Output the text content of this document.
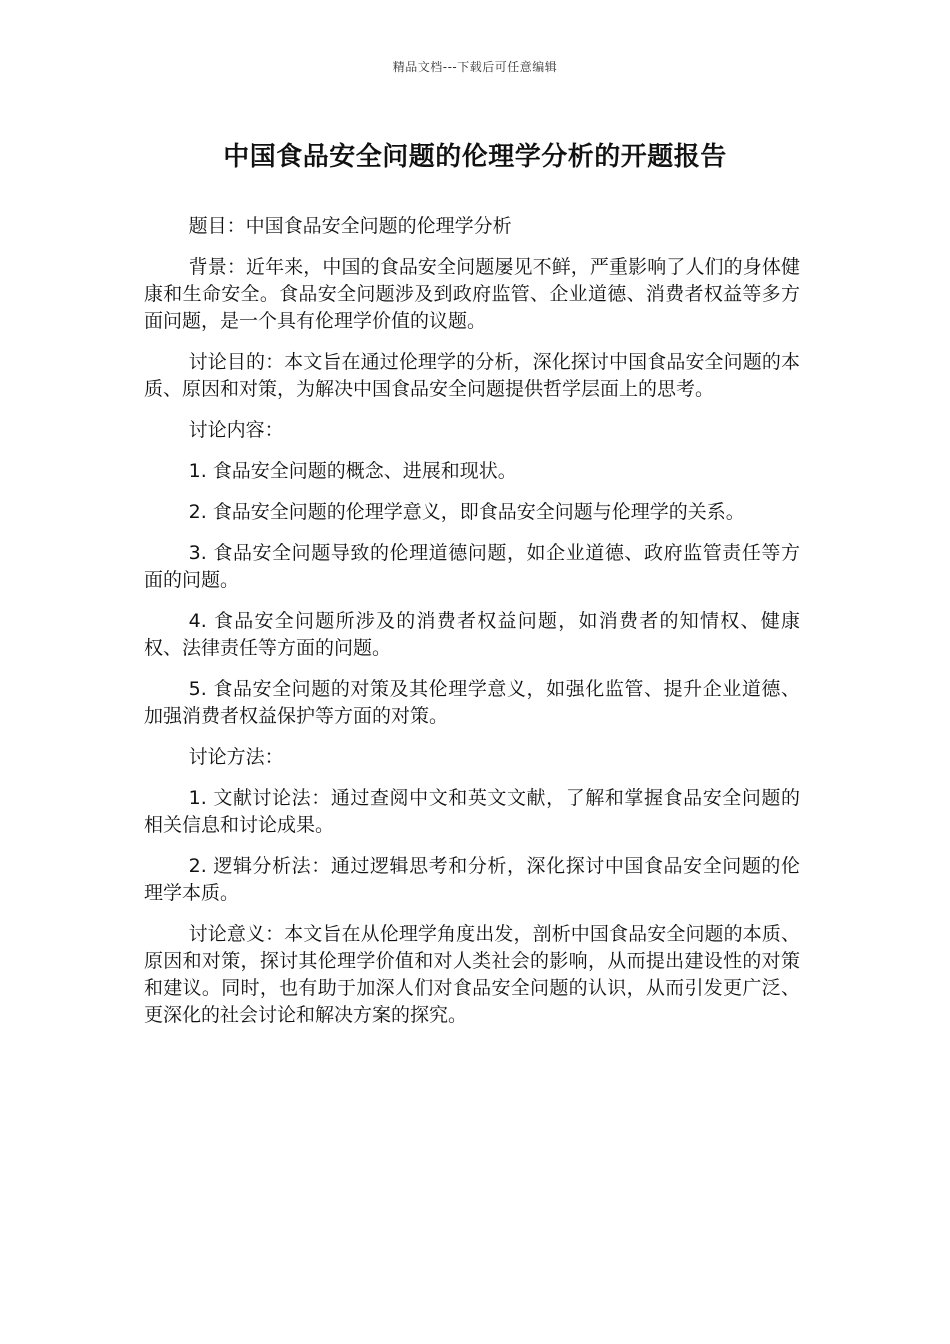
精品文档---下载后可任意编辑
中国食品安全问题的伦理学分析的开题报告

题目：中国食品安全问题的伦理学分析

背景：近年来，中国的食品安全问题屡见不鲜，严重影响了人们的身体健康和生命安全。食品安全问题涉及到政府监管、企业道德、消费者权益等多方面问题，是一个具有伦理学价值的议题。

讨论目的：本文旨在通过伦理学的分析，深化探讨中国食品安全问题的本质、原因和对策，为解决中国食品安全问题提供哲学层面上的思考。

讨论内容：

1. 食品安全问题的概念、进展和现状。

2. 食品安全问题的伦理学意义，即食品安全问题与伦理学的关系。

3. 食品安全问题导致的伦理道德问题，如企业道德、政府监管责任等方面的问题。

4. 食品安全问题所涉及的消费者权益问题，如消费者的知情权、健康权、法律责任等方面的问题。

5. 食品安全问题的对策及其伦理学意义，如强化监管、提升企业道德、加强消费者权益保护等方面的对策。

讨论方法：

1. 文献讨论法：通过查阅中文和英文文献，了解和掌握食品安全问题的相关信息和讨论成果。

2. 逻辑分析法：通过逻辑思考和分析，深化探讨中国食品安全问题的伦理学本质。

讨论意义：本文旨在从伦理学角度出发，剖析中国食品安全问题的本质、原因和对策，探讨其伦理学价值和对人类社会的影响，从而提出建设性的对策和建议。同时，也有助于加深人们对食品安全问题的认识，从而引发更广泛、更深化的社会讨论和解决方案的探究。
